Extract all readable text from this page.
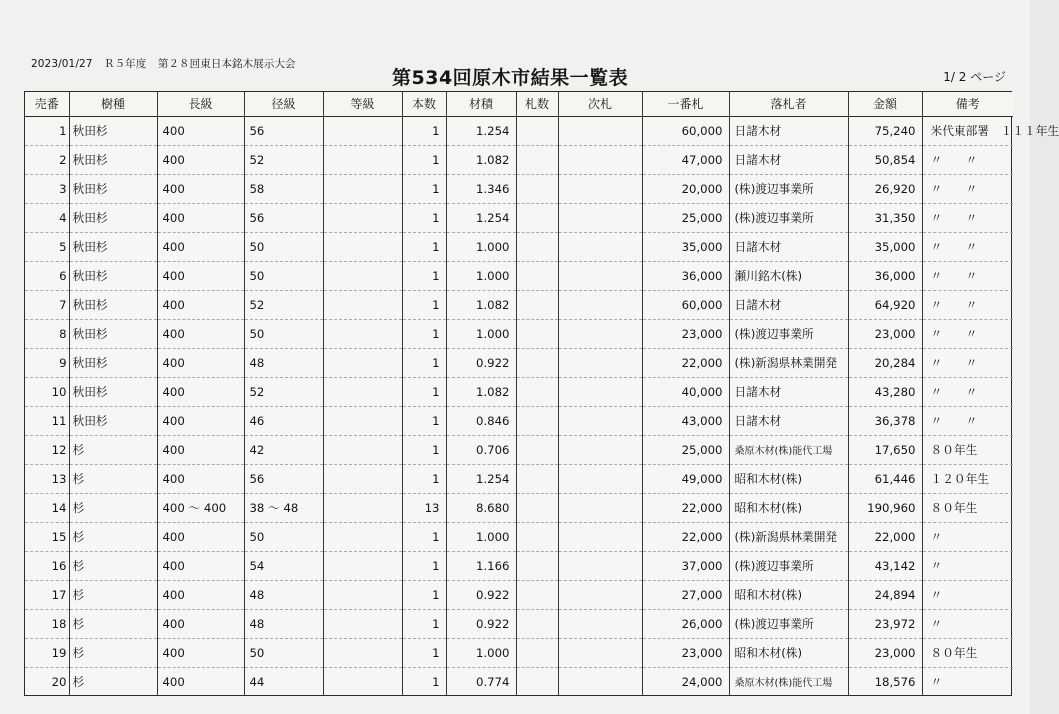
2023/01/27 Ｒ５年度 第２８回東日本銘木展示大会
第534回原木市結果一覧表	1/ 2 ページ
売番	樹種	長級	径級	等級	本数	材積	札数	次札	一番札	落札者	金額	備考
1	秋田杉	400	56		1	1.254			60,000	日諸木材	75,240	米代東部署　１１１年生
2	秋田杉	400	52		1	1.082			47,000	日諸木材	50,854	〃　　〃
3	秋田杉	400	58		1	1.346			20,000	(株)渡辺事業所	26,920	〃　　〃
4	秋田杉	400	56		1	1.254			25,000	(株)渡辺事業所	31,350	〃　　〃
5	秋田杉	400	50		1	1.000			35,000	日諸木材	35,000	〃　　〃
6	秋田杉	400	50		1	1.000			36,000	瀬川銘木(株)	36,000	〃　　〃
7	秋田杉	400	52		1	1.082			60,000	日諸木材	64,920	〃　　〃
8	秋田杉	400	50		1	1.000			23,000	(株)渡辺事業所	23,000	〃　　〃
9	秋田杉	400	48		1	0.922			22,000	(株)新潟県林業開発	20,284	〃　　〃
10	秋田杉	400	52		1	1.082			40,000	日諸木材	43,280	〃　　〃
11	秋田杉	400	46		1	0.846			43,000	日諸木材	36,378	〃　　〃
12	杉	400	42		1	0.706			25,000	桑原木材(株)能代工場	17,650	８０年生
13	杉	400	56		1	1.254			49,000	昭和木材(株)	61,446	１２０年生
14	杉	400 ～ 400	38 ～ 48		13	8.680			22,000	昭和木材(株)	190,960	８０年生
15	杉	400	50		1	1.000			22,000	(株)新潟県林業開発	22,000	〃
16	杉	400	54		1	1.166			37,000	(株)渡辺事業所	43,142	〃
17	杉	400	48		1	0.922			27,000	昭和木材(株)	24,894	〃
18	杉	400	48		1	0.922			26,000	(株)渡辺事業所	23,972	〃
19	杉	400	50		1	1.000			23,000	昭和木材(株)	23,000	８０年生
20	杉	400	44		1	0.774			24,000	桑原木材(株)能代工場	18,576	〃
